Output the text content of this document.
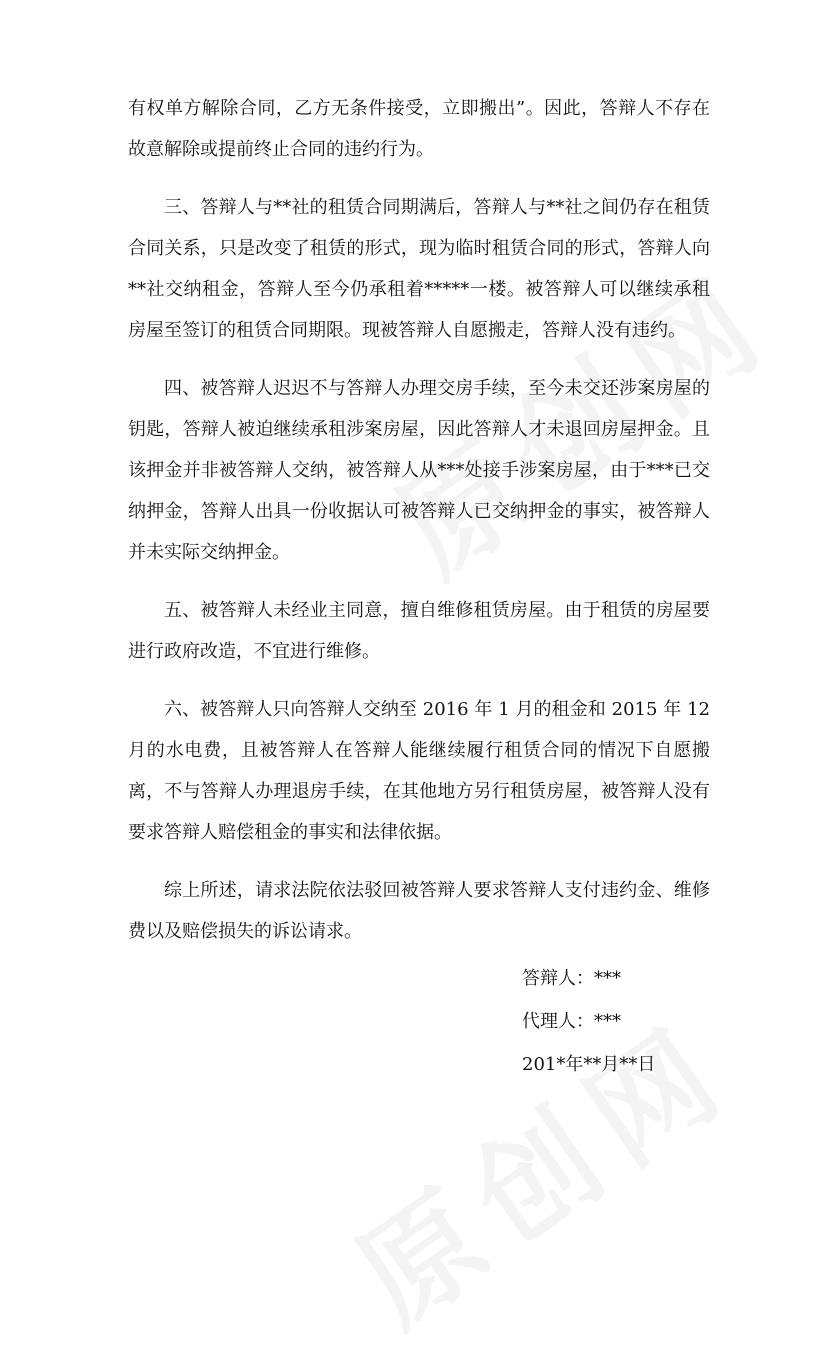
有权单方解除合同，乙方无条件接受，立即搬出”。因此，答辩人不存在故意解除或提前终止合同的违约行为。

三、答辩人与**社的租赁合同期满后，答辩人与**社之间仍存在租赁合同关系，只是改变了租赁的形式，现为临时租赁合同的形式，答辩人向**社交纳租金，答辩人至今仍承租着*****一楼。被答辩人可以继续承租房屋至签订的租赁合同期限。现被答辩人自愿搬走，答辩人没有违约。

四、被答辩人迟迟不与答辩人办理交房手续，至今未交还涉案房屋的钥匙，答辩人被迫继续承租涉案房屋，因此答辩人才未退回房屋押金。且该押金并非被答辩人交纳，被答辩人从***处接手涉案房屋，由于***已交纳押金，答辩人出具一份收据认可被答辩人已交纳押金的事实，被答辩人并未实际交纳押金。

五、被答辩人未经业主同意，擅自维修租赁房屋。由于租赁的房屋要进行政府改造，不宜进行维修。

六、被答辩人只向答辩人交纳至 2016 年 1 月的租金和 2015 年 12 月的水电费，且被答辩人在答辩人能继续履行租赁合同的情况下自愿搬离，不与答辩人办理退房手续，在其他地方另行租赁房屋，被答辩人没有要求答辩人赔偿租金的事实和法律依据。

综上所述，请求法院依法驳回被答辩人要求答辩人支付违约金、维修费以及赔偿损失的诉讼请求。

答辩人：***
代理人：***
201*年**月**日
